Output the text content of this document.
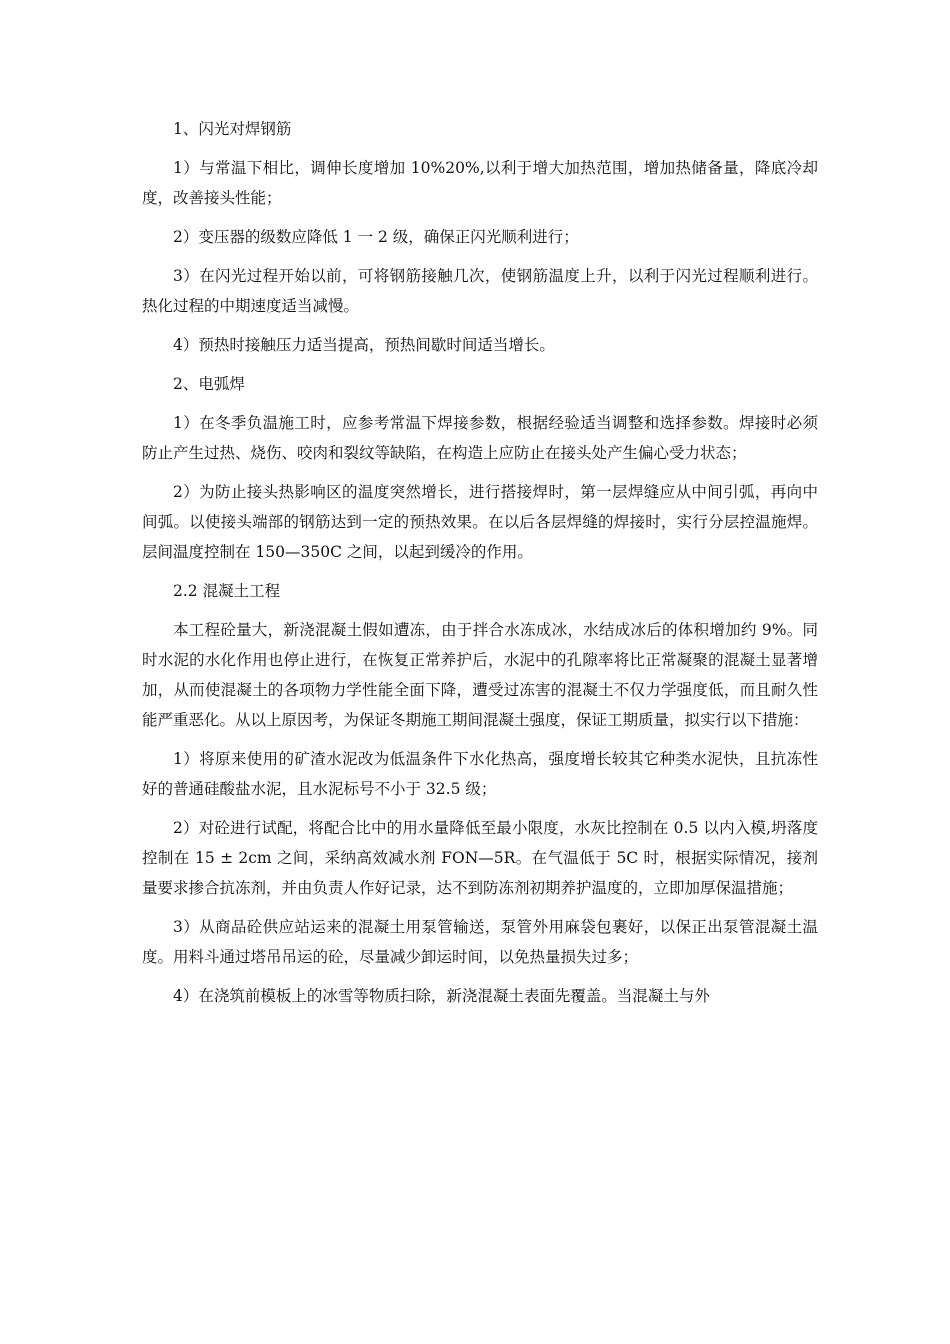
1、闪光对焊钢筋

1）与常温下相比，调伸长度增加 10%20%,以利于增大加热范围，增加热储备量，降底冷却度，改善接头性能；

2）变压器的级数应降低 1 一 2 级，确保正闪光顺利进行；

3）在闪光过程开始以前，可将钢筋接触几次，使钢筋温度上升，以利于闪光过程顺利进行。热化过程的中期速度适当减慢。

4）预热时接触压力适当提高，预热间歇时间适当增长。

2、电弧焊

1）在冬季负温施工时，应参考常温下焊接参数，根据经验适当调整和选择参数。焊接时必须防止产生过热、烧伤、咬肉和裂纹等缺陷，在构造上应防止在接头处产生偏心受力状态；

2）为防止接头热影响区的温度突然增长，进行搭接焊时，第一层焊缝应从中间引弧，再向中间弧。以使接头端部的钢筋达到一定的预热效果。在以后各层焊缝的焊接时，实行分层控温施焊。层间温度控制在 150—350C 之间，以起到缓冷的作用。

2.2 混凝土工程

本工程砼量大，新浇混凝土假如遭冻，由于拌合水冻成冰，水结成冰后的体积增加约 9%。同时水泥的水化作用也停止进行，在恢复正常养护后，水泥中的孔隙率将比正常凝聚的混凝土显著增加，从而使混凝土的各项物力学性能全面下降，遭受过冻害的混凝土不仅力学强度低，而且耐久性能严重恶化。从以上原因考，为保证冬期施工期间混凝土强度，保证工期质量，拟实行以下措施：

1）将原来使用的矿渣水泥改为低温条件下水化热高，强度增长较其它种类水泥快，且抗冻性好的普通硅酸盐水泥，且水泥标号不小于 32.5 级；

2）对砼进行试配，将配合比中的用水量降低至最小限度，水灰比控制在 0.5 以内入模,坍落度控制在 15 ± 2cm 之间，采纳高效减水剂 FON—5R。在气温低于 5C 时，根据实际情况，接剂量要求掺合抗冻剂，并由负责人作好记录，达不到防冻剂初期养护温度的，立即加厚保温措施；

3）从商品砼供应站运来的混凝土用泵管输送，泵管外用麻袋包裹好，以保正出泵管混凝土温度。用料斗通过塔吊吊运的砼，尽量减少卸运时间，以免热量损失过多；

4）在浇筑前模板上的冰雪等物质扫除，新浇混凝土表面先覆盖。当混凝土与外
